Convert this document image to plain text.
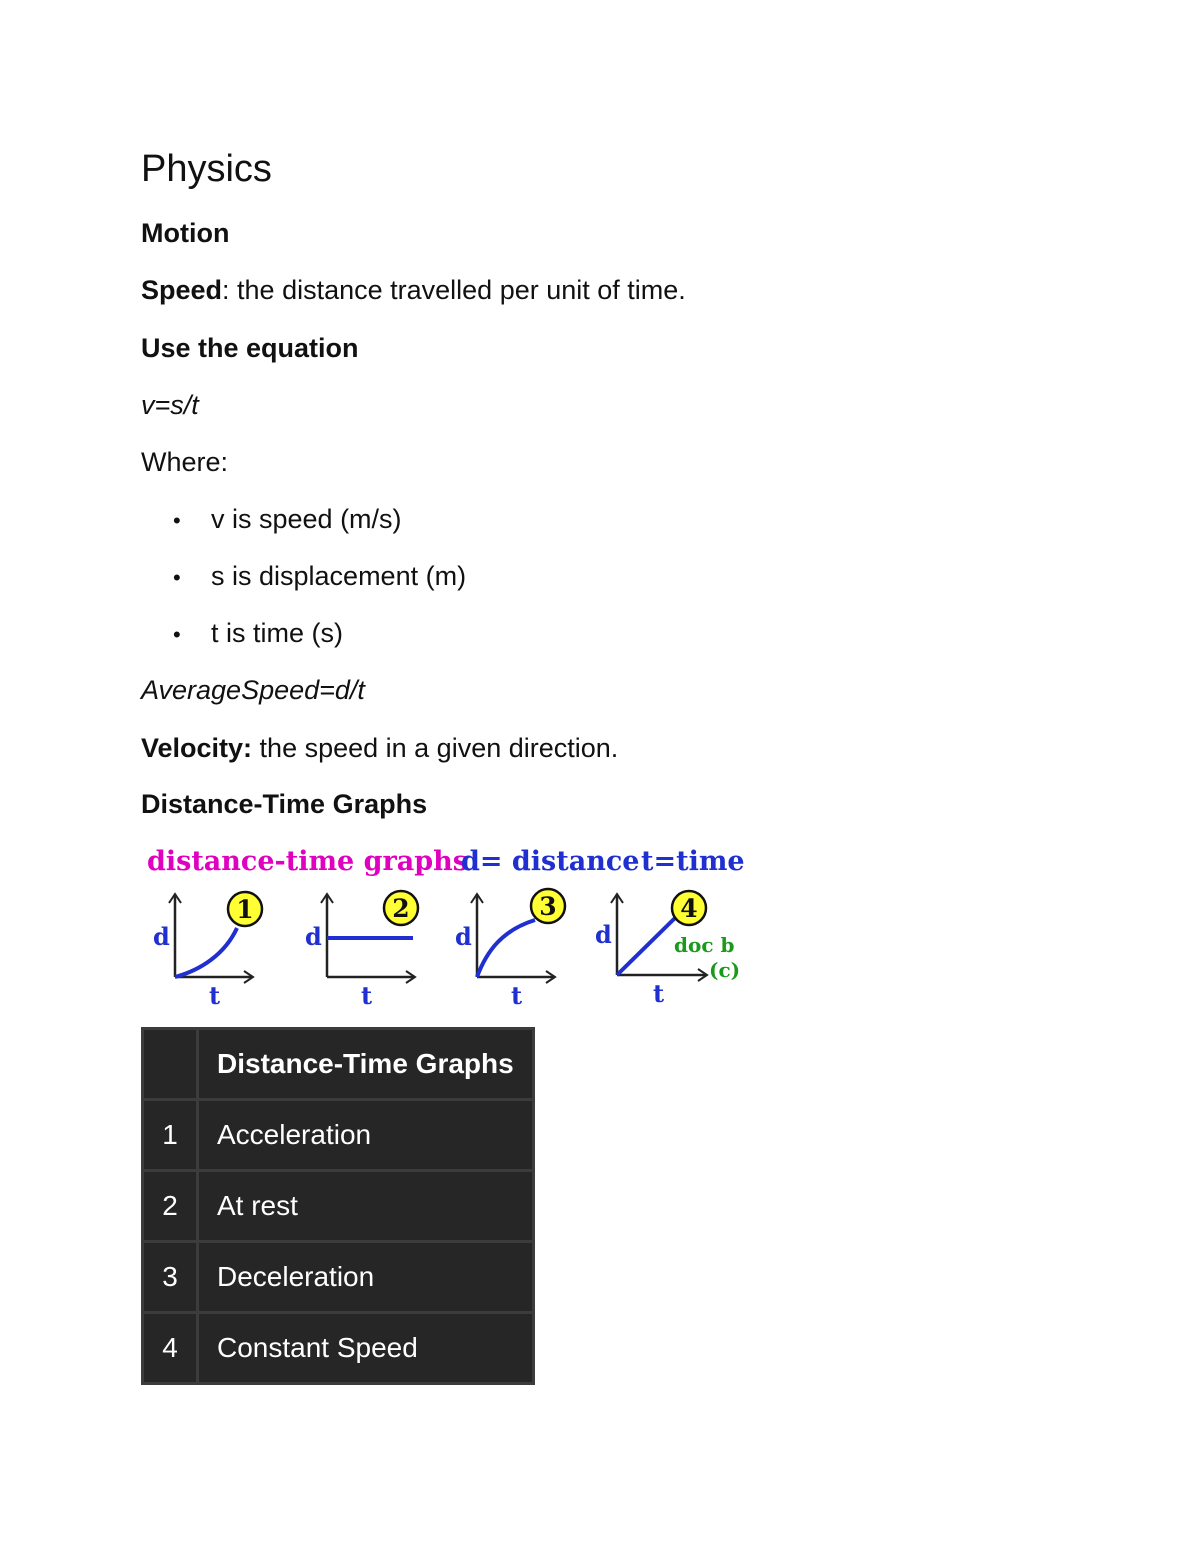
Physics
Motion
Speed: the distance travelled per unit of time.
Use the equation
v=s/t
Where:
• v is speed (m/s)
• s is displacement (m)
• t is time (s)
AverageSpeed=d/t
Velocity: the speed in a given direction.
Distance-Time Graphs
distance-time graphs
d= distance t=time
d
t
1
d
t
2
d
t
3
d
t
4
doc b
(c)
	Distance-Time Graphs
1	Acceleration
2	At rest
3	Deceleration
4	Constant Speed
